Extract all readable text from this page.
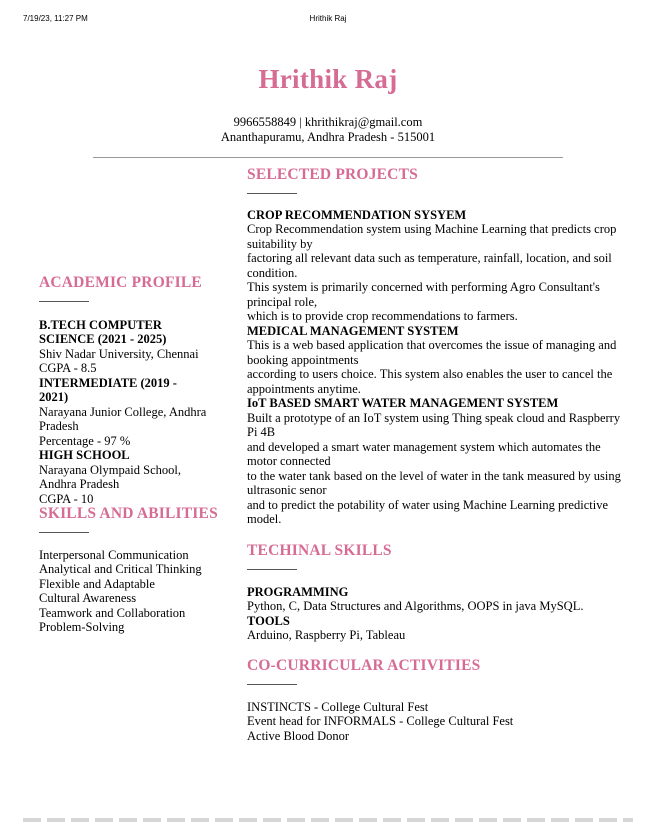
7/19/23, 11:27 PM	Hrithik Raj
Hrithik Raj
9966558849 | khrithikraj@gmail.com
Ananthapuramu, Andhra Pradesh - 515001
ACADEMIC PROFILE
B.TECH COMPUTER SCIENCE (2021 - 2025)
Shiv Nadar University, Chennai
CGPA - 8.5
INTERMEDIATE (2019 - 2021)
Narayana Junior College, Andhra Pradesh
Percentage - 97 %
HIGH SCHOOL
Narayana Olympaid School, Andhra Pradesh
CGPA - 10
SKILLS AND ABILITIES
Interpersonal Communication
Analytical and Critical Thinking
Flexible and Adaptable
Cultural Awareness
Teamwork and Collaboration
Problem-Solving
SELECTED PROJECTS
CROP RECOMMENDATION SYSYEM
Crop Recommendation system using Machine Learning that predicts crop suitability by
factoring all relevant data such as temperature, rainfall, location, and soil condition.
This system is primarily concerned with performing Agro Consultant's principal role,
which is to provide crop recommendations to farmers.
MEDICAL MANAGEMENT SYSTEM
This is a web based application that overcomes the issue of managing and booking appointments
according to users choice. This system also enables the user to cancel the appointments anytime.
IoT BASED SMART WATER MANAGEMENT SYSTEM
Built a prototype of an IoT system using Thing speak cloud and Raspberry Pi 4B
and developed a smart water management system which automates the motor connected
to the water tank based on the level of water in the tank measured by using ultrasonic senor
and to predict the potability of water using Machine Learning predictive model.
TECHINAL SKILLS
PROGRAMMING
Python, C, Data Structures and Algorithms, OOPS in java MySQL.
TOOLS
Arduino, Raspberry Pi, Tableau
CO-CURRICULAR ACTIVITIES
INSTINCTS - College Cultural Fest
Event head for INFORMALS - College Cultural Fest
Active Blood Donor
